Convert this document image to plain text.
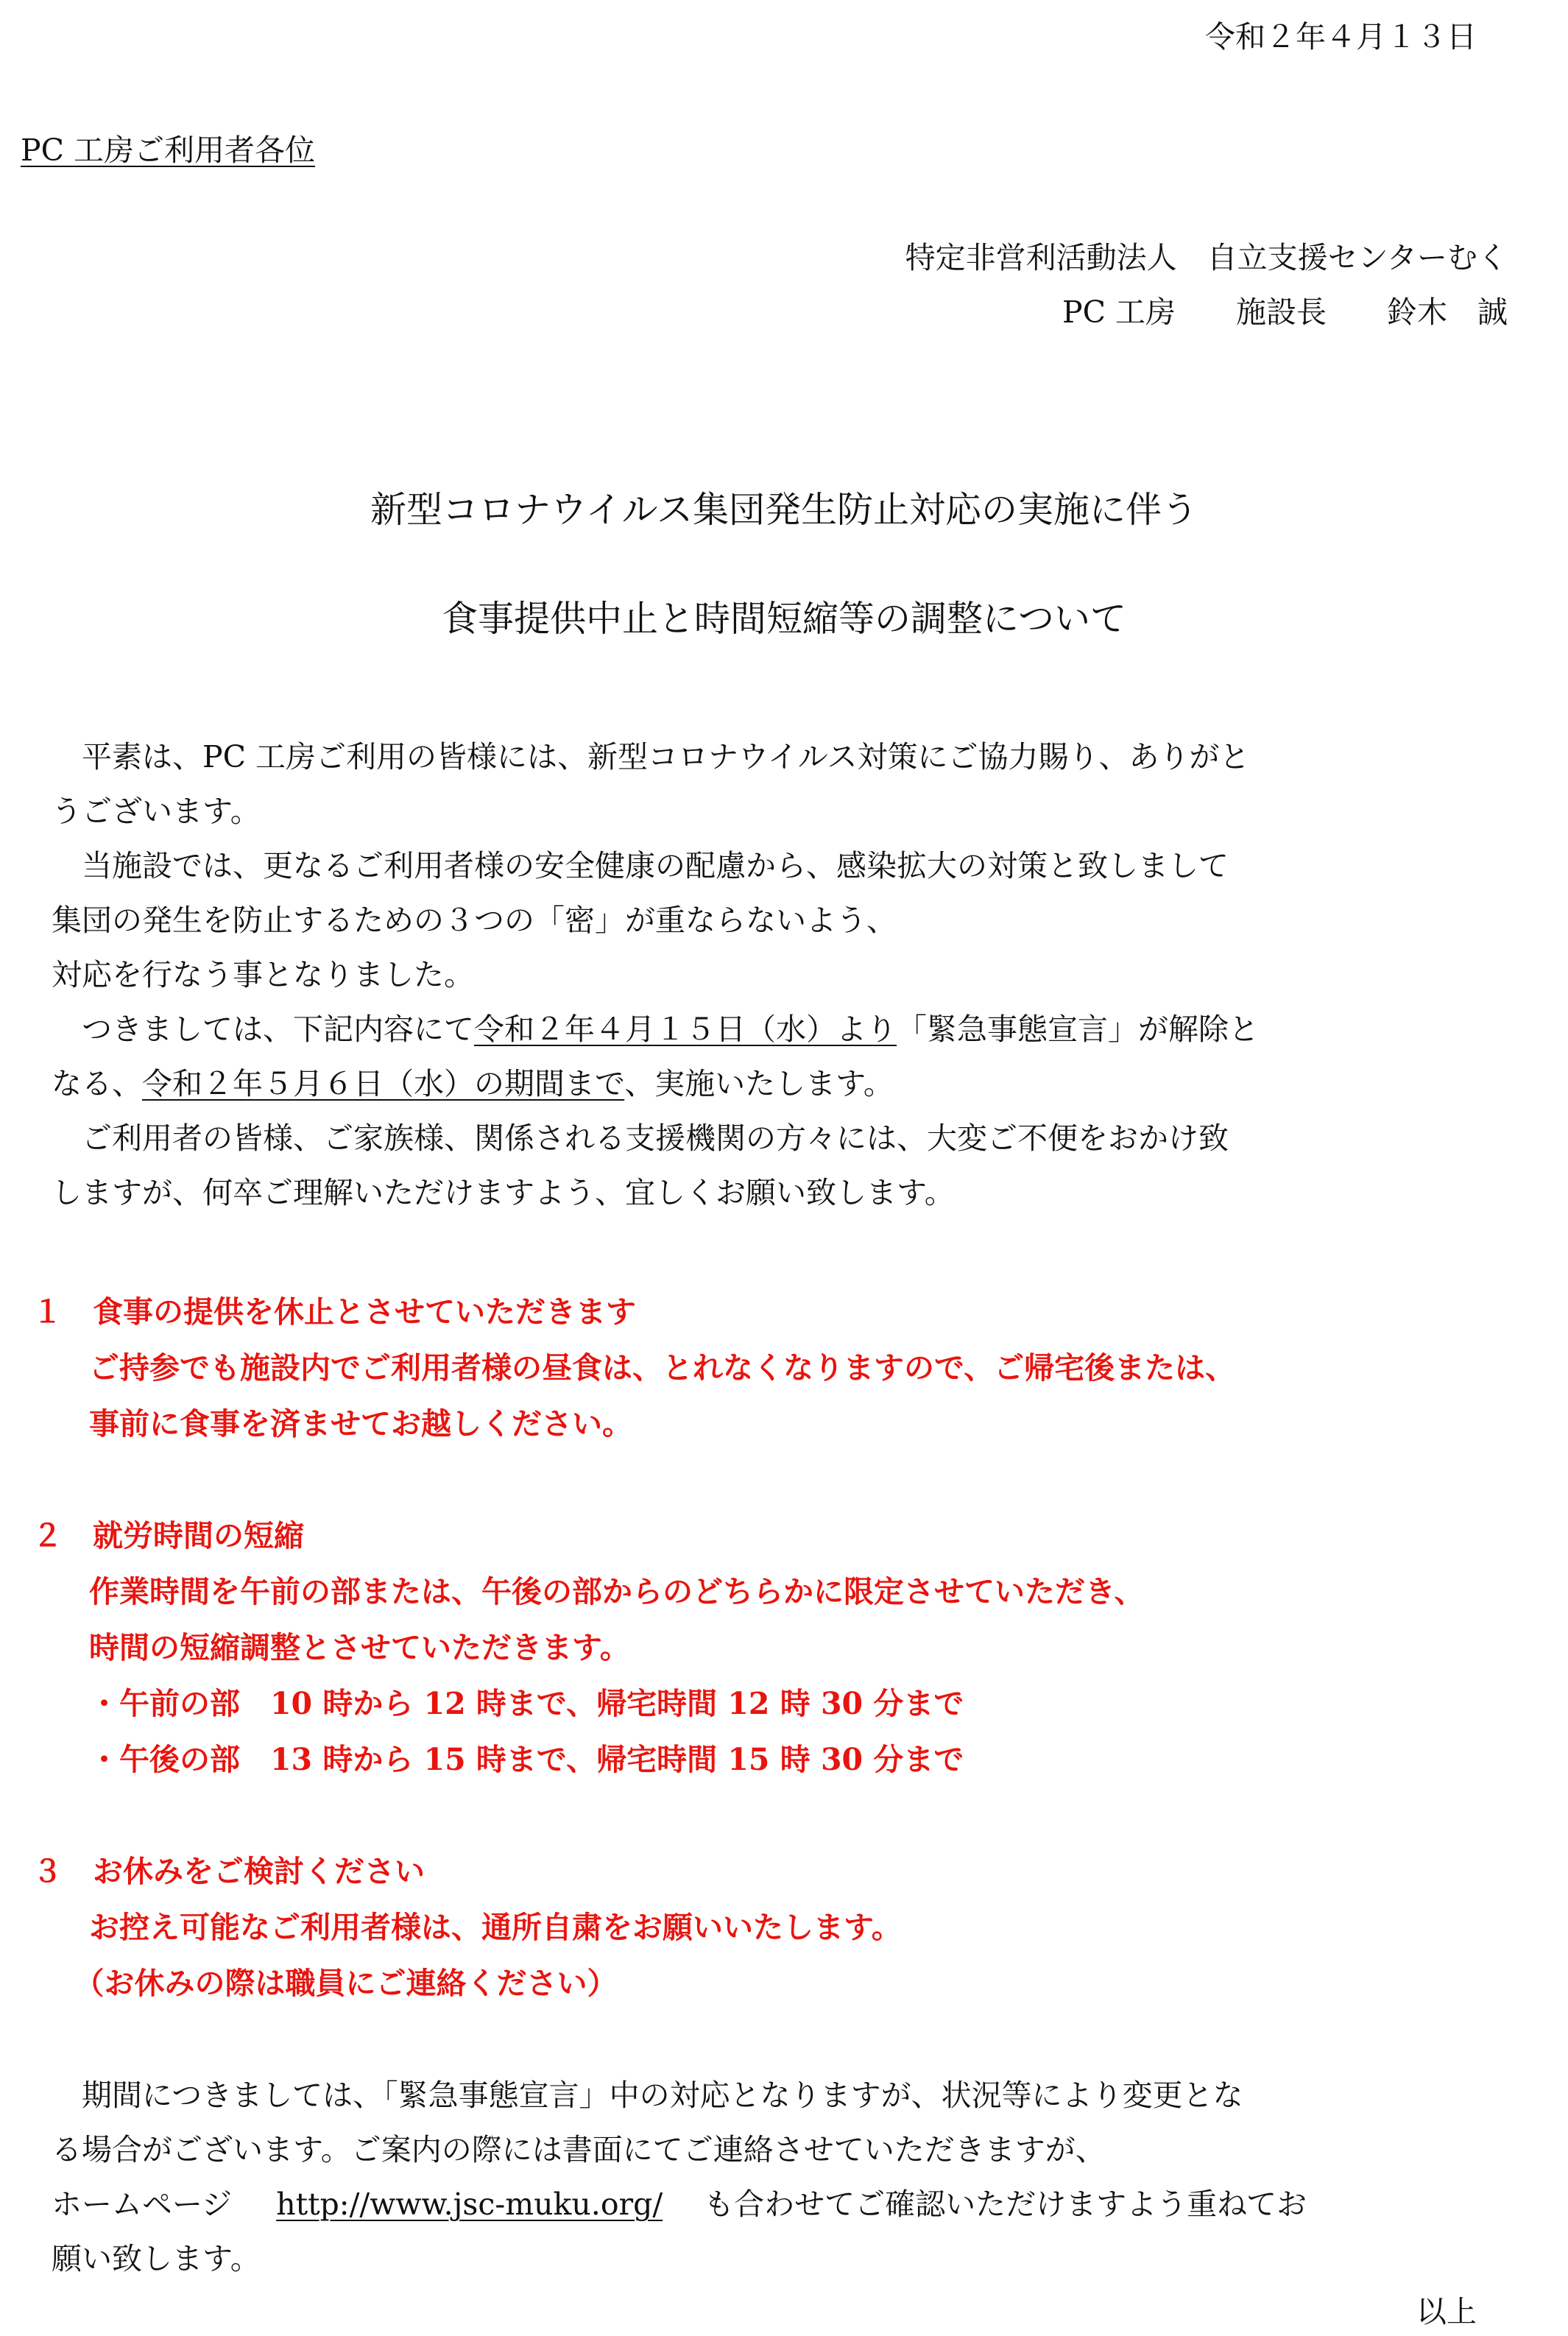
令和２年４月１３日
PC 工房ご利用者各位
特定非営利活動法人　自立支援センターむく
PC 工房　　施設長　　鈴木　誠
新型コロナウイルス集団発生防止対応の実施に伴う
食事提供中止と時間短縮等の調整について
　平素は、PC 工房ご利用の皆様には、新型コロナウイルス対策にご協力賜り、ありがと
うございます。
　当施設では、更なるご利用者様の安全健康の配慮から、感染拡大の対策と致しまして
集団の発生を防止するための３つの「密」が重ならないよう、
対応を行なう事となりました。
　つきましては、下記内容にて令和２年４月１５日（水）より「緊急事態宣言」が解除と
なる、令和２年５月６日（水）の期間まで、実施いたします。
　ご利用者の皆様、ご家族様、関係される支援機関の方々には、大変ご不便をおかけ致
しますが、何卒ご理解いただけますよう、宜しくお願い致します。
１　食事の提供を休止とさせていただきます
　ご持参でも施設内でご利用者様の昼食は、とれなくなりますので、ご帰宅後または、
　事前に食事を済ませてお越しください。
２　就労時間の短縮
　作業時間を午前の部または、午後の部からのどちらかに限定させていただき、
　時間の短縮調整とさせていただきます。
　・午前の部　10 時から 12 時まで、帰宅時間 12 時 30 分まで
　・午後の部　13 時から 15 時まで、帰宅時間 15 時 30 分まで
３　お休みをご検討ください
　お控え可能なご利用者様は、通所自粛をお願いいたします。
　（お休みの際は職員にご連絡ください）
　期間につきましては、「緊急事態宣言」中の対応となりますが、状況等により変更とな
る場合がございます。ご案内の際には書面にてご連絡させていただきますが、
ホームページ http://www.jsc-muku.org/ も合わせてご確認いただけますよう重ねてお
願い致します。
以上
